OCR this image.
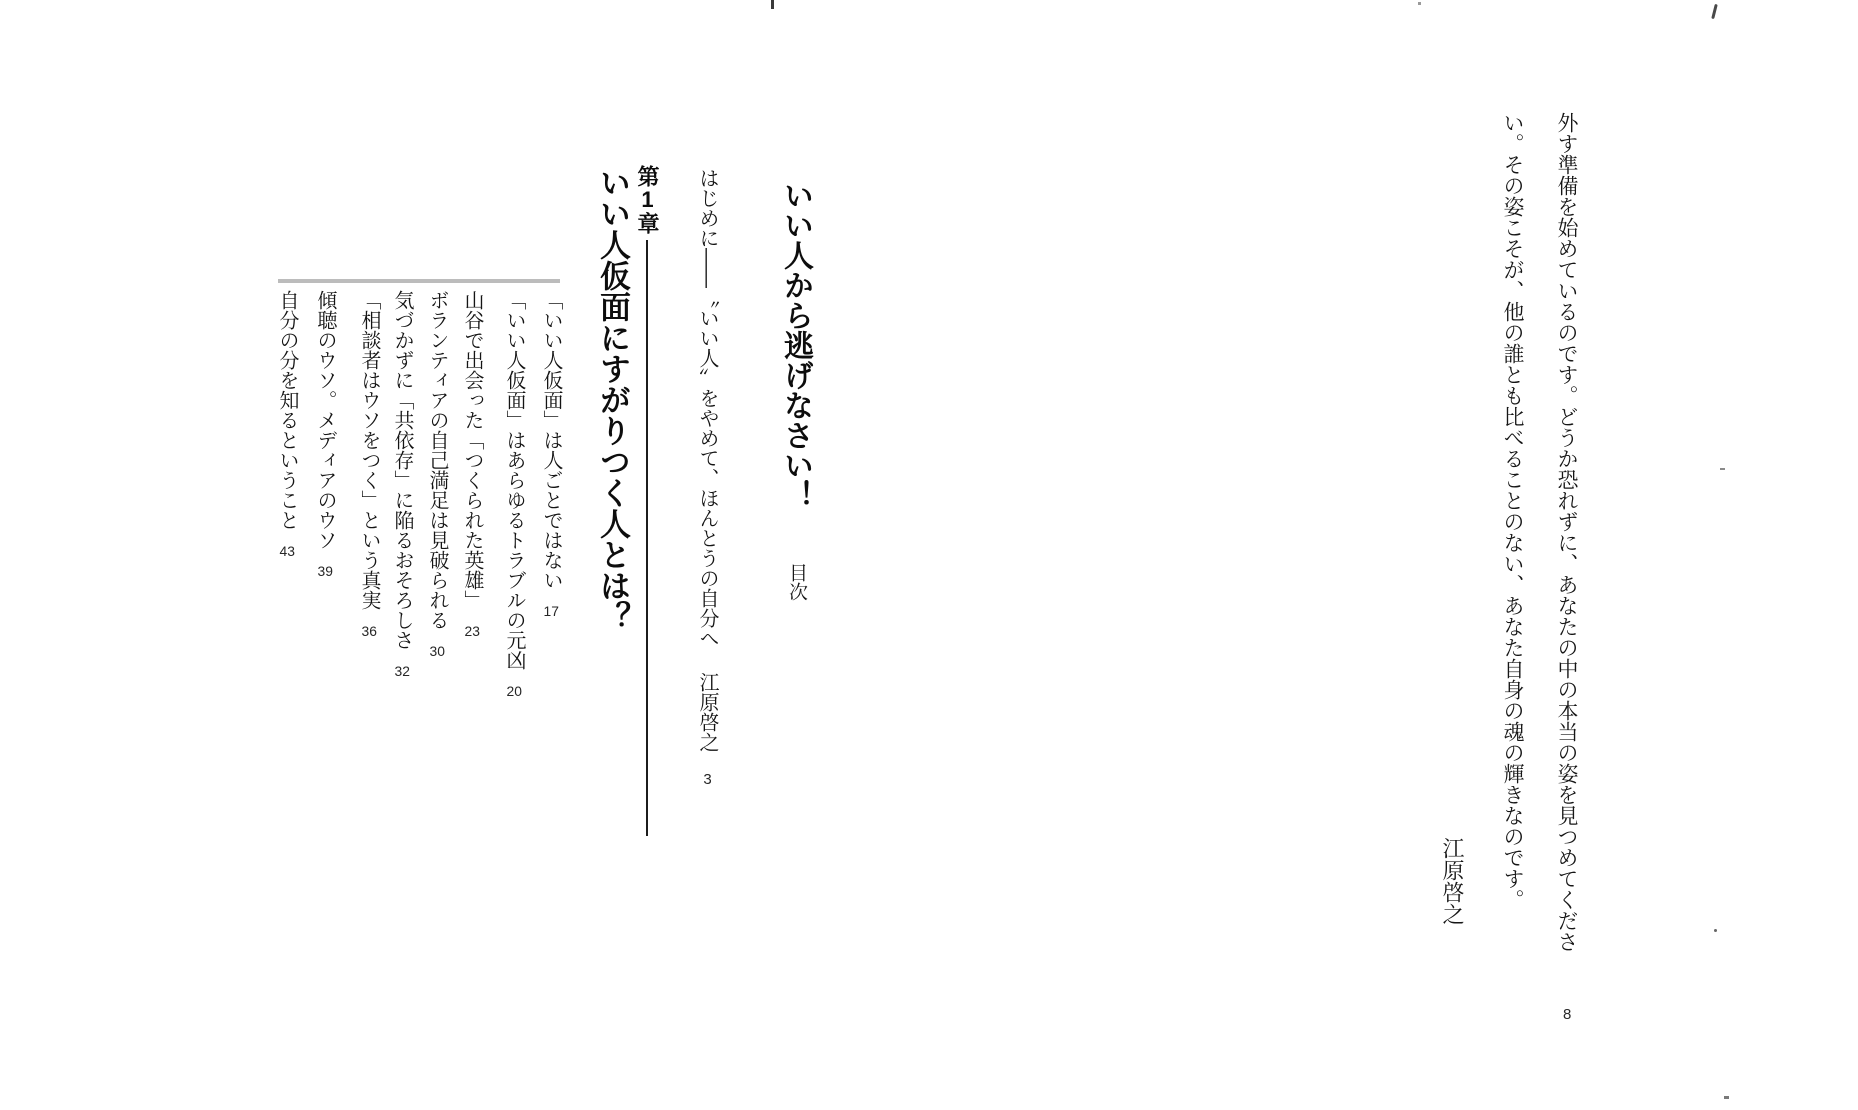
外す準備を始めているのです。どうか恐れずに、あなたの中の本当の姿を見つめてくださ
い。その姿こそが、他の誰とも比べることのない、あなた自身の魂の輝きなのです。
江原啓之
8
いい人から逃げなさい！
目次
はじめに——〝いい人〟をやめて、ほんとうの自分へ江原啓之3
第1章
いい人仮面にすがりつく人とは？
「いい人仮面」は人ごとではない17
「いい人仮面」はあらゆるトラブルの元凶20
山谷で出会った「つくられた英雄」23
ボランティアの自己満足は見破られる30
気づかずに「共依存」に陥るおそろしさ32
「相談者はウソをつく」という真実36
傾聴のウソ。メディアのウソ39
自分の分を知るということ43
